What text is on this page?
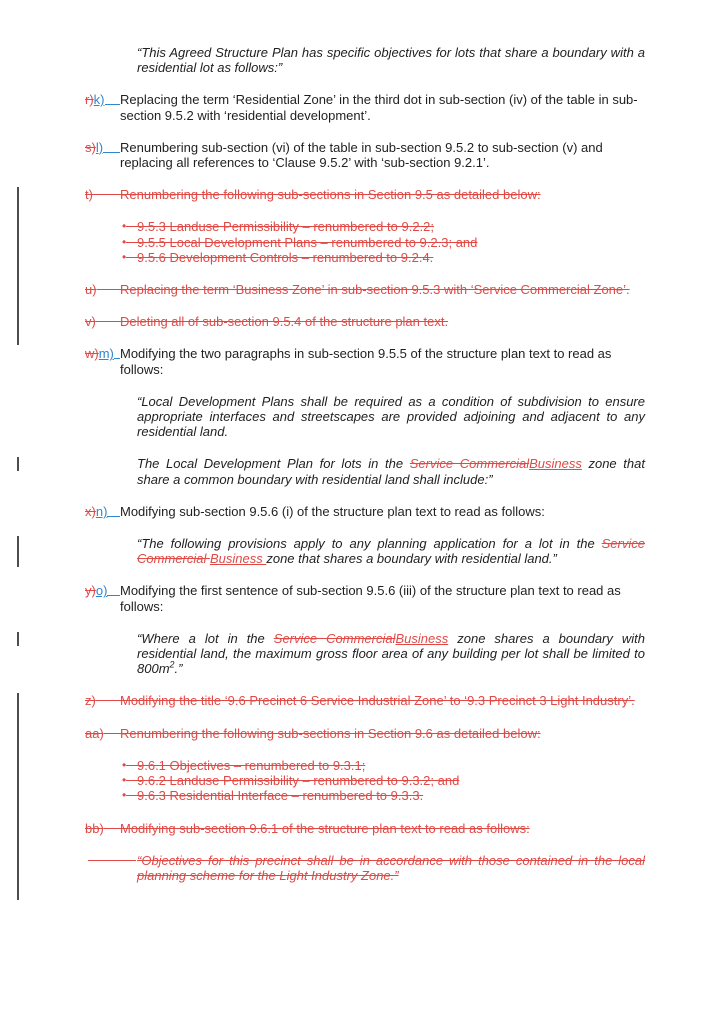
“This Agreed Structure Plan has specific objectives for lots that share a boundary with a residential lot as follows:”

r) k) Replacing the term ‘Residential Zone’ in the third dot in sub-section (iv) of the table in sub-section 9.5.2 with ‘residential development’.
s) l) Renumbering sub-section (vi) of the table in sub-section 9.5.2 to sub-section (v) and replacing all references to ‘Clause 9.5.2’ with ‘sub-section 9.2.1’.
t) Renumbering the following sub-sections in Section 9.5 as detailed below:
• 9.5.3 Landuse Permissibility – renumbered to 9.2.2;
• 9.5.5 Local Development Plans – renumbered to 9.2.3; and
• 9.5.6 Development Controls – renumbered to 9.2.4.
u) Replacing the term ‘Business Zone’ in sub-section 9.5.3 with ‘Service Commercial Zone’.
v) Deleting all of sub-section 9.5.4 of the structure plan text.
w) m) Modifying the two paragraphs in sub-section 9.5.5 of the structure plan text to read as follows:

“Local Development Plans shall be required as a condition of subdivision to ensure appropriate interfaces and streetscapes are provided adjoining and adjacent to any residential land.

The Local Development Plan for lots in the Service CommercialBusiness zone that share a common boundary with residential land shall include:”

x) n) Modifying sub-section 9.5.6 (i) of the structure plan text to read as follows:

“The following provisions apply to any planning application for a lot in the Service Commercial Business zone that shares a boundary with residential land.”

y) o) Modifying the first sentence of sub-section 9.5.6 (iii) of the structure plan text to read as follows:

“Where a lot in the Service CommercialBusiness zone shares a boundary with residential land, the maximum gross floor area of any building per lot shall be limited to $800m^2$.”

z) Modifying the title ‘9.6 Precinct 6 Service Industrial Zone’ to ‘9.3 Precinct 3 Light Industry’.
aa) Renumbering the following sub-sections in Section 9.6 as detailed below:
• 9.6.1 Objectives – renumbered to 9.3.1;
• 9.6.2 Landuse Permissibility – renumbered to 9.3.2; and
• 9.6.3 Residential Interface – renumbered to 9.3.3.
bb) Modifying sub-section 9.6.1 of the structure plan text to read as follows:

“Objectives for this precinct shall be in accordance with those contained in the local planning scheme for the Light Industry Zone.”
